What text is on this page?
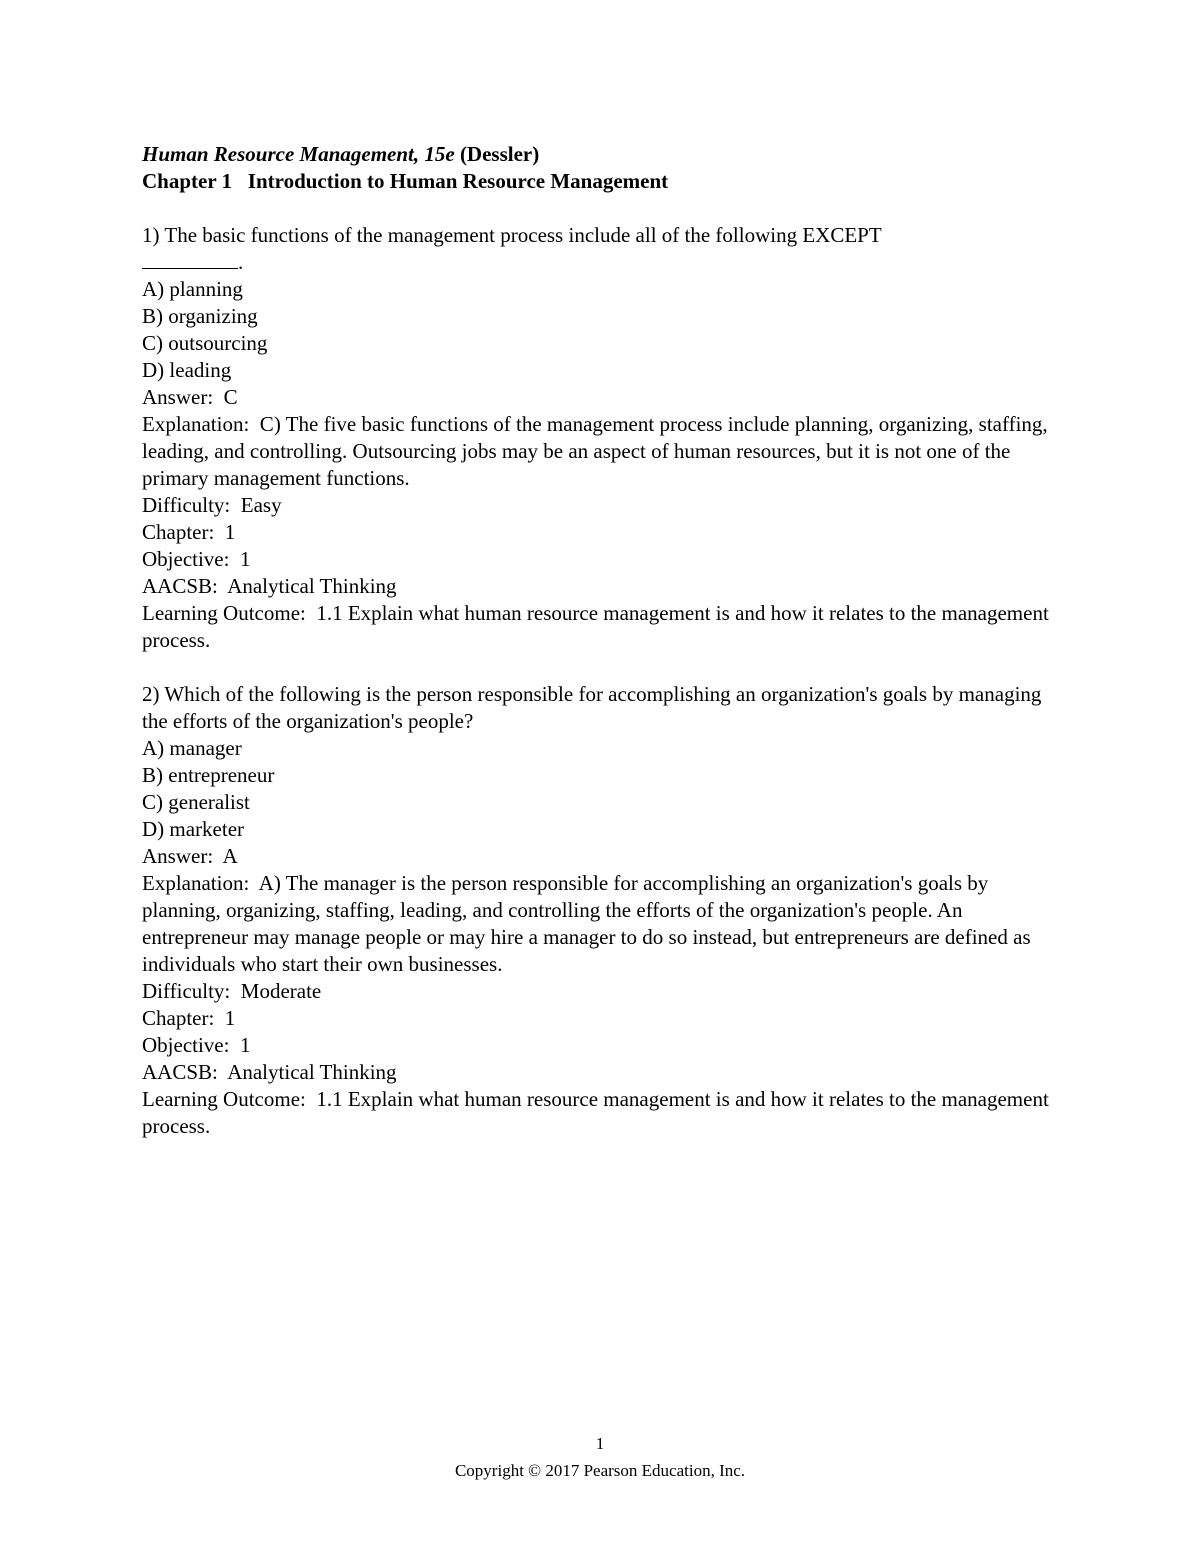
Human Resource Management, 15e (Dessler)
Chapter 1   Introduction to Human Resource Management
1) The basic functions of the management process include all of the following EXCEPT
.
A) planning
B) organizing
C) outsourcing
D) leading
Answer:  C
Explanation:  C) The five basic functions of the management process include planning, organizing, staffing, leading, and controlling. Outsourcing jobs may be an aspect of human resources, but it is not one of the primary management functions.
Difficulty:  Easy
Chapter:  1
Objective:  1
AACSB:  Analytical Thinking
Learning Outcome:  1.1 Explain what human resource management is and how it relates to the management process.
2) Which of the following is the person responsible for accomplishing an organization's goals by managing the efforts of the organization's people?
A) manager
B) entrepreneur
C) generalist
D) marketer
Answer:  A
Explanation:  A) The manager is the person responsible for accomplishing an organization's goals by planning, organizing, staffing, leading, and controlling the efforts of the organization's people. An entrepreneur may manage people or may hire a manager to do so instead, but entrepreneurs are defined as individuals who start their own businesses.
Difficulty:  Moderate
Chapter:  1
Objective:  1
AACSB:  Analytical Thinking
Learning Outcome:  1.1 Explain what human resource management is and how it relates to the management process.
1
Copyright © 2017 Pearson Education, Inc.
